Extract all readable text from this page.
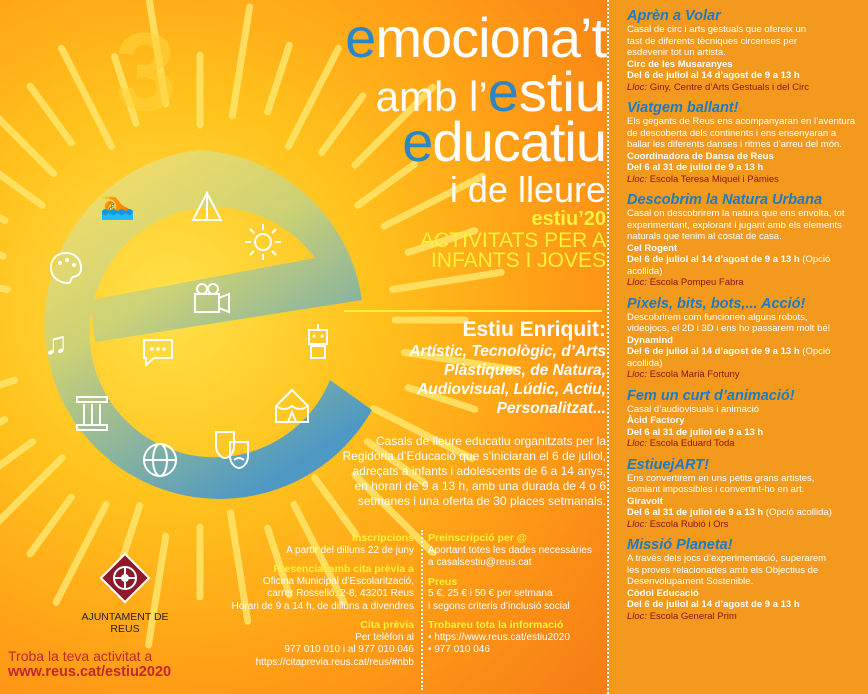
3
🏊
♫
emociona’t
amb l’estiu
educatiu
i de lleure
estiu’20
ACTIVITATS PER A
INFANTS I JOVES
Estiu Enriquit:
Artístic, Tecnològic, d’Arts
Plàstiques, de Natura,
Audiovisual, Lúdic, Actiu,
Personalitzat...
Casals de lleure educatiu organitzats per la
Regidoria d’Educació que s’iniciaran el 6 de juliol,
adreçats a infants i adolescents de 6 a 14 anys,
en horari de 9 a 13 h, amb una durada de 4 o 6
setmanes i una oferta de 30 places setmanals.
Inscripcions
A partir del dilluns 22 de juny
Presencial amb cita prèvia a
Oficina Municipal d’Escolarització,
carrer Rosselló, 2-8, 43201 Reus
Horari de 9 a 14 h, de dilluns a divendres
Cita prèvia
Per telèfon al
977 010 010 i al 977 010 046
https://citaprevia.reus.cat/reus/#nbb
Preinscripció per @
Aportant totes les dades necessàries
a casalsestiu@reus.cat
Preus
5 €, 25 € i 50 € per setmana
i segons criteris d’inclusió social
Trobareu tota la informació
• https://www.reus.cat/estiu2020
• 977 010 046
AJUNTAMENT DE REUS
Troba la teva activitat a
www.reus.cat/estiu2020
Aprèn a Volar
Casal de circ i arts gestuals que ofereix un
tast de diferents tècniques circenses per
esdevenir tot un artista.
Circ de les Musaranyes
Del 6 de juliol al 14 d’agost de 9 a 13 h
Lloc: Giny, Centre d’Arts Gestuals i del Circ
Viatgem ballant!
Els gegants de Reus ens acompanyaran en l’aventura
de descoberta dels continents i ens ensenyaran a
ballar les diferents danses i ritmes d’arreu del món.
Coordinadora de Dansa de Reus
Del 6 al 31 de juliol de 9 a 13 h
Lloc: Escola Teresa Miquel i Pàmies
Descobrim la Natura Urbana
Casal on descobrirem la natura que ens envolta, tot
experimentant, explorant i jugant amb els elements
naturals que tenim al costat de casa.
Cel Rogent
Del 6 de juliol al 14 d’agost de 9 a 13 h (Opció acollida)
Lloc: Escola Pompeu Fabra
Pixels, bits, bots,... Acció!
Descobrirem com funcionen alguns robots,
videojocs, el 2D i 3D i ens ho passarem molt bé!
Dynamind
Del 6 de juliol al 14 d’agost de 9 a 13 h (Opció acollida)
Lloc: Escola Marià Fortuny
Fem un curt d’animació!
Casal d’audiovisuals i animació
Àcid Factory
Del 6 al 31 de juliol de 9 a 13 h
Lloc: Escola Eduard Toda
EstiuejART!
Ens convertirem en uns petits grans artistes,
somiant impossibles i convertint-ho en art.
Giravolt
Del 6 al 31 de juliol de 9 a 13 h (Opció acollida)
Lloc: Escola Rubió i Ors
Missió Planeta!
A través dels jocs d’experimentació, superarem
les proves relacionades amb els Objectius de
Desenvolupament Sostenible.
Còdol Educació
Del 6 de juliol al 14 d’agost de 9 a 13 h
Lloc: Escola General Prim
